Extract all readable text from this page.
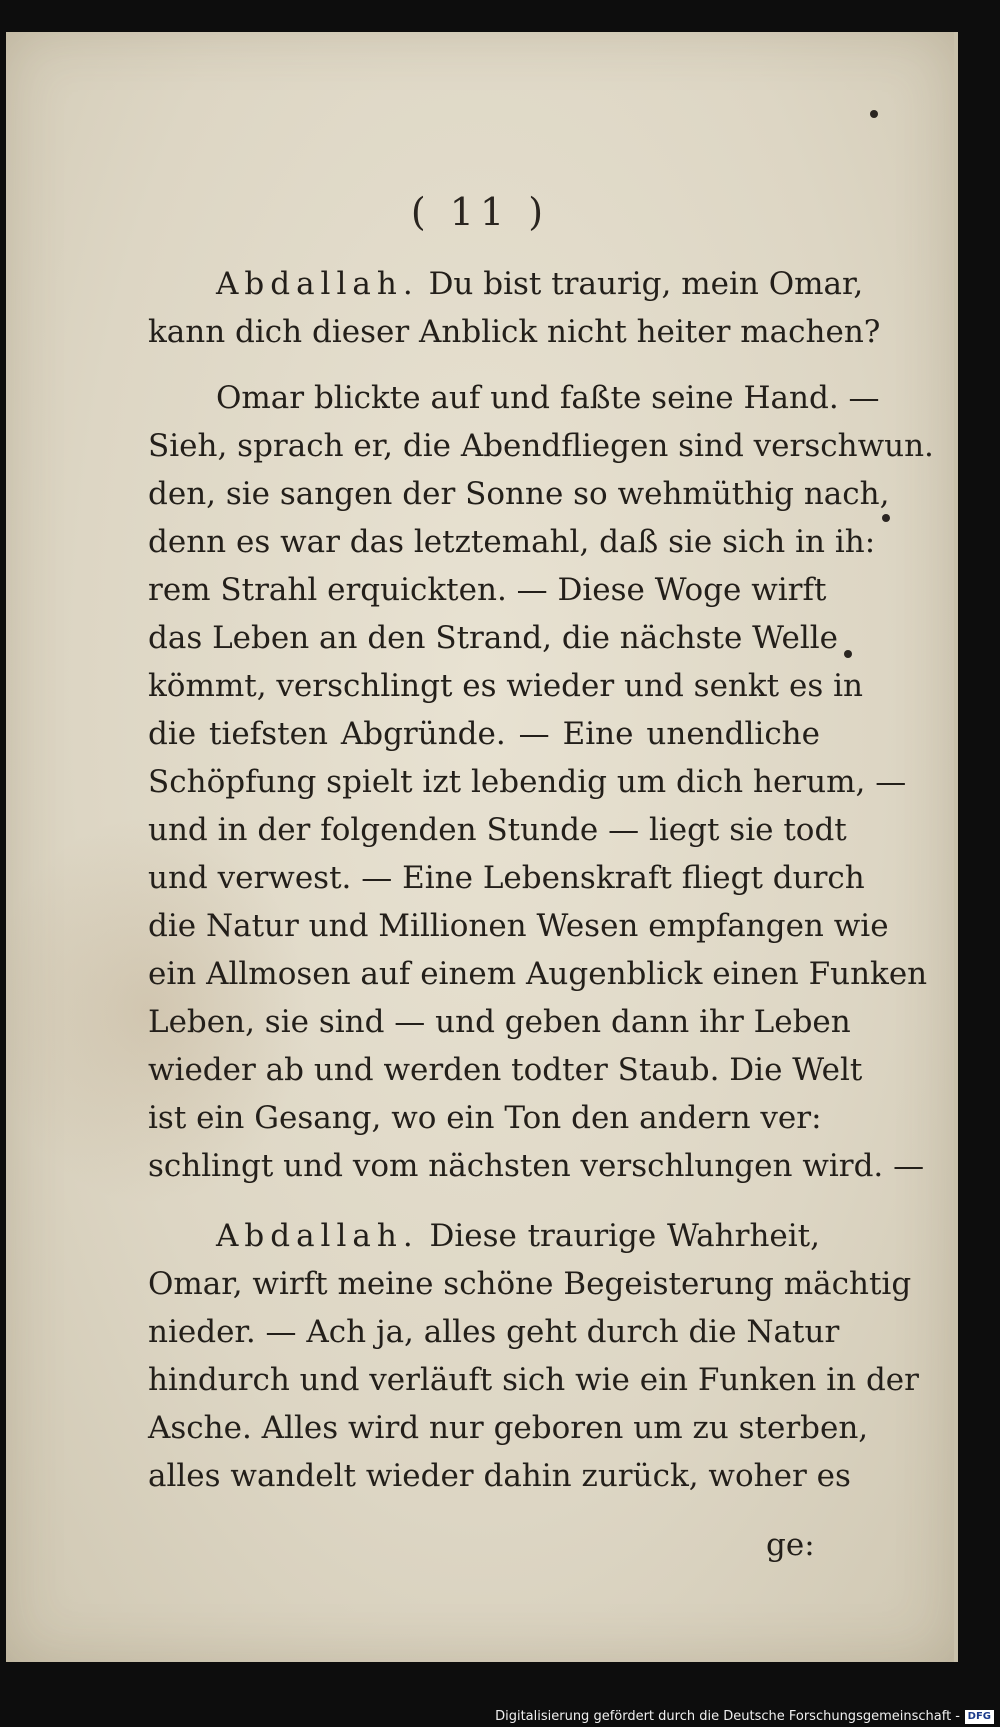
( 11 )
Abdallah. Du bist traurig, mein Omar,
kann dich dieser Anblick nicht heiter machen?
Omar blickte auf und faßte seine Hand. —
Sieh, sprach er, die Abendfliegen sind verschwun.
den, sie sangen der Sonne so wehmüthig nach,
denn es war das letztemahl, daß sie sich in ih:
rem Strahl erquickten. — Diese Woge wirft
das Leben an den Strand, die nächste Welle
kömmt, verschlingt es wieder und senkt es in
die tiefsten Abgründe. — Eine unendliche
Schöpfung spielt izt lebendig um dich herum, —
und in der folgenden Stunde — liegt sie todt
und verwest. — Eine Lebenskraft fliegt durch
die Natur und Millionen Wesen empfangen wie
ein Allmosen auf einem Augenblick einen Funken
Leben, sie sind — und geben dann ihr Leben
wieder ab und werden todter Staub. Die Welt
ist ein Gesang, wo ein Ton den andern ver:
schlingt und vom nächsten verschlungen wird. —
Abdallah. Diese traurige Wahrheit,
Omar, wirft meine schöne Begeisterung mächtig
nieder. — Ach ja, alles geht durch die Natur
hindurch und verläuft sich wie ein Funken in der
Asche. Alles wird nur geboren um zu sterben,
alles wandelt wieder dahin zurück, woher es
ge:
Digitalisierung gefördert durch die Deutsche Forschungsgemeinschaft - DFG
